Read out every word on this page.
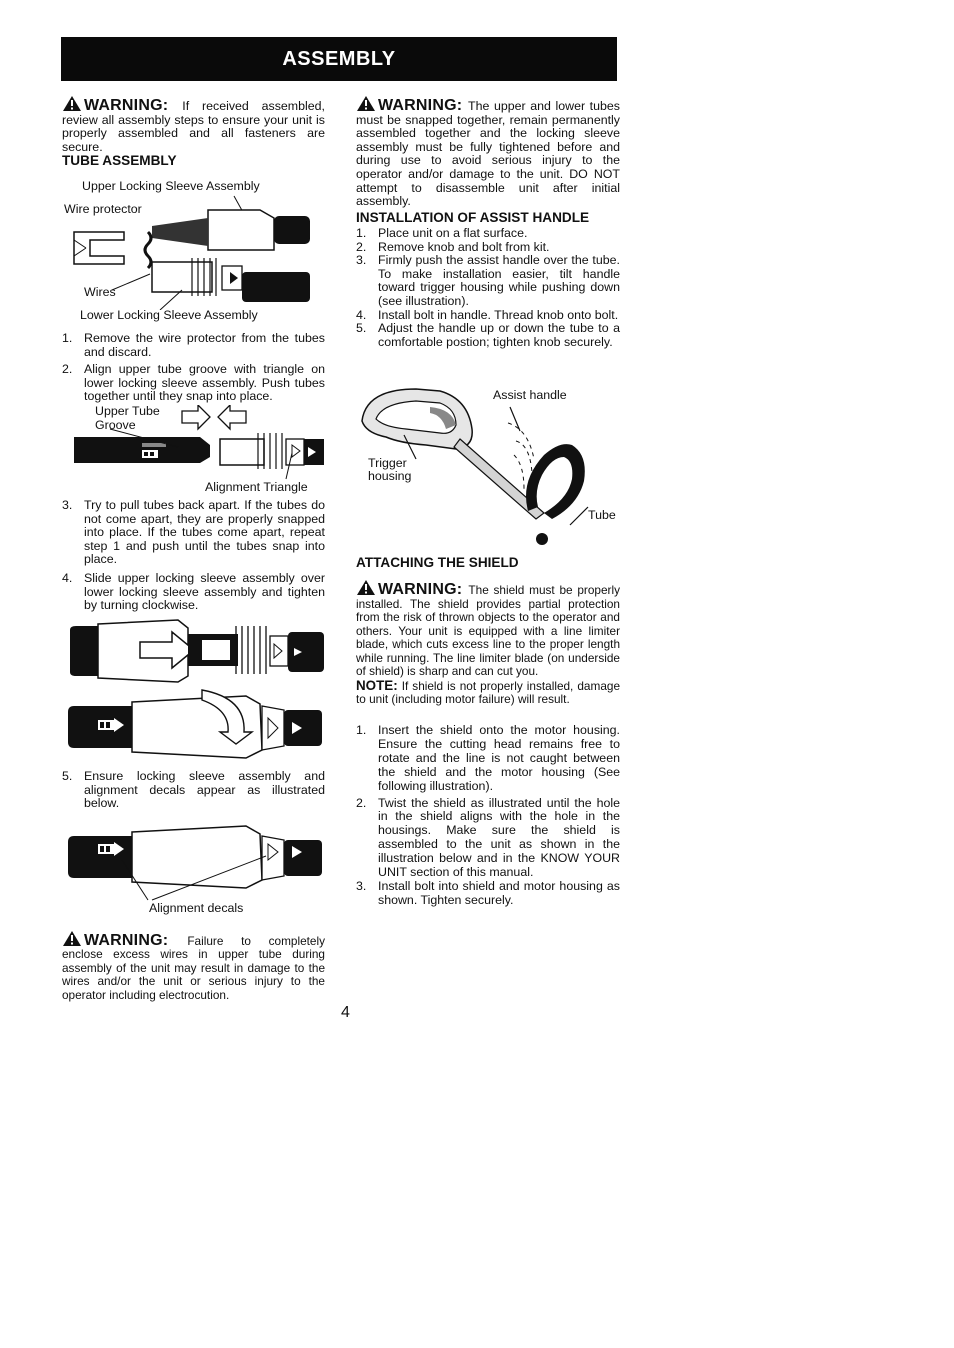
ASSEMBLY
WARNING: If received assembled, review all assembly steps to ensure your unit is properly assembled and all fasteners are secure.

TUBE ASSEMBLY

Upper Locking Sleeve Assembly
Wire protector
Wires
Lower Locking Sleeve Assembly
1. Remove the wire protector from the tubes and discard.
2. Align upper tube groove with triangle on lower locking sleeve assembly. Push tubes together until they snap into place.
Upper Tube
Groove
Alignment Triangle
3. Try to pull tubes back apart. If the tubes do not come apart, they are properly snapped into place. If the tubes come apart, repeat step 1 and push until the tubes snap into place.
4. Slide upper locking sleeve assembly over lower locking sleeve assembly and tighten by turning clockwise.
5. Ensure locking sleeve assembly and alignment decals appear as illustrated below.
Alignment decals
WARNING: Failure to completely enclose excess wires in upper tube during assembly of the unit may result in damage to the wires and/or the unit or serious injury to the operator including electrocution.
WARNING: The upper and lower tubes must be snapped together, remain permanently assembled together and the locking sleeve assembly must be fully tightened before and during use to avoid serious injury to the operator and/or damage to the unit. DO NOT attempt to disassemble unit after initial assembly.

INSTALLATION OF ASSIST HANDLE

1. Place unit on a flat surface.
2. Remove knob and bolt from kit.
3. Firmly push the assist handle over the tube. To make installation easier, tilt handle toward trigger housing while pushing down (see illustration).
4. Install bolt in handle. Thread knob onto bolt.
5. Adjust the handle up or down the tube to a comfortable postion; tighten knob securely.
Assist handle
Trigger
housing
Tube

ATTACHING THE SHIELD

WARNING: The shield must be properly installed. The shield provides partial protection from the risk of thrown objects to the operator and others. Your unit is equipped with a line limiter blade, which cuts excess line to the proper length while running. The line limiter blade (on underside of shield) is sharp and can cut you.
NOTE: If shield is not properly installed, damage to unit (including motor failure) will result.
1. Insert the shield onto the motor housing. Ensure the cutting head remains free to rotate and the line is not caught between the shield and the motor housing (See following illustration).
2. Twist the shield as illustrated until the hole in the shield aligns with the hole in the housings. Make sure the shield is assembled to the unit as shown in the illustration below and in the KNOW YOUR UNIT section of this manual.
3. Install bolt into shield and motor housing as shown. Tighten securely.
4
